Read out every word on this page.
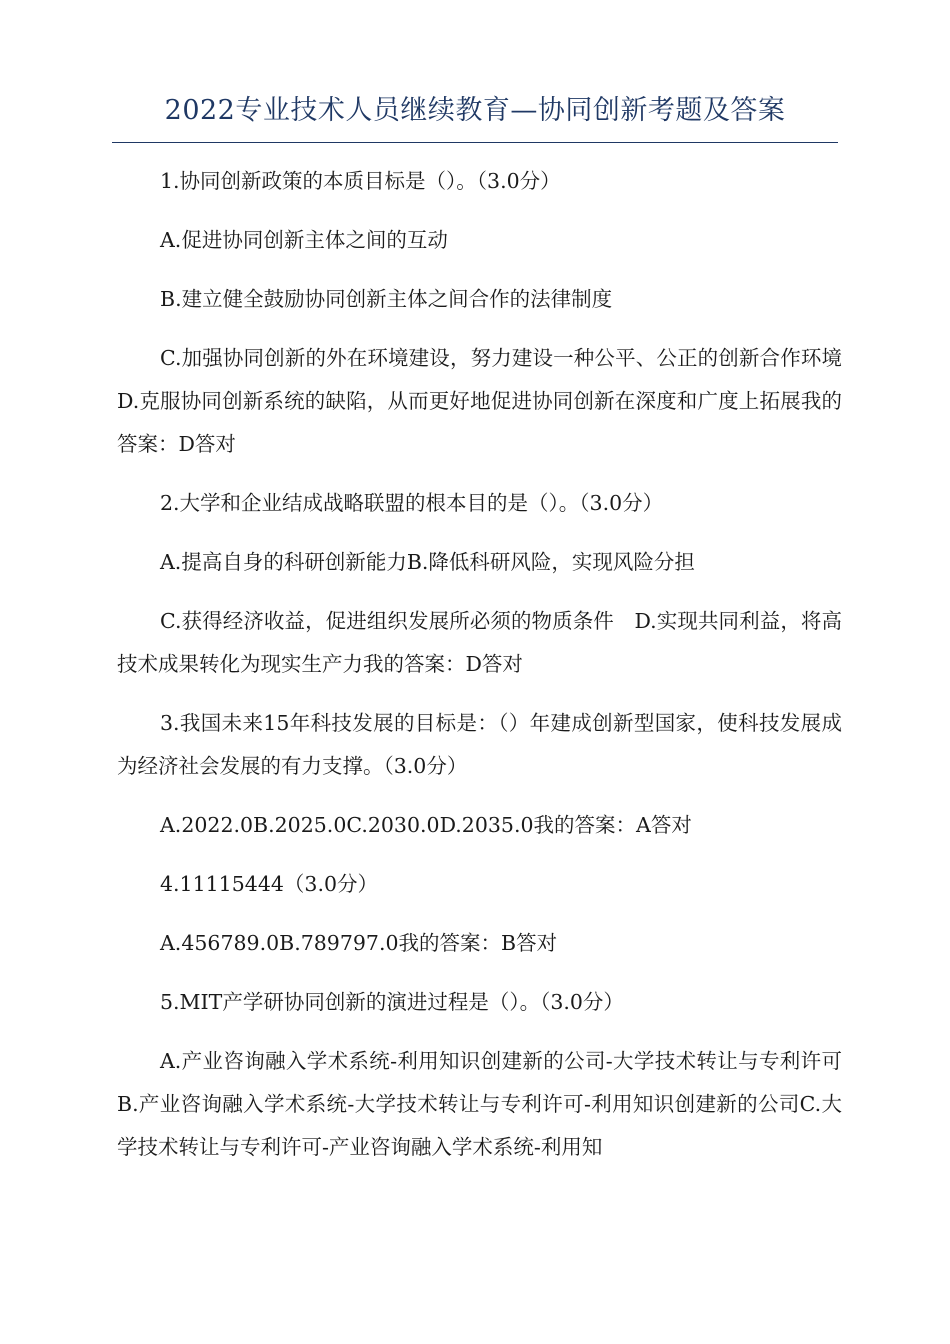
2022专业技术人员继续教育—协同创新考题及答案

1.协同创新政策的本质目标是（）。（3.0分）

A.促进协同创新主体之间的互动

B.建立健全鼓励协同创新主体之间合作的法律制度

C.加强协同创新的外在环境建设，努力建设一种公平、公正的创新合作环境D.克服协同创新系统的缺陷，从而更好地促进协同创新在深度和广度上拓展我的答案：D答对

2.大学和企业结成战略联盟的根本目的是（）。（3.0分）

A.提高自身的科研创新能力B.降低科研风险，实现风险分担

C.获得经济收益，促进组织发展所必须的物质条件　D.实现共同利益，将高技术成果转化为现实生产力我的答案：D答对

3.我国未来15年科技发展的目标是：（）年建成创新型国家，使科技发展成为经济社会发展的有力支撑。（3.0分）

A.2022.0B.2025.0C.2030.0D.2035.0我的答案：A答对

4.11115444（3.0分）

A.456789.0B.789797.0我的答案：B答对

5.MIT产学研协同创新的演进过程是（）。（3.0分）

A.产业咨询融入学术系统-利用知识创建新的公司-大学技术转让与专利许可B.产业咨询融入学术系统-大学技术转让与专利许可-利用知识创建新的公司C.大学技术转让与专利许可-产业咨询融入学术系统-利用知
